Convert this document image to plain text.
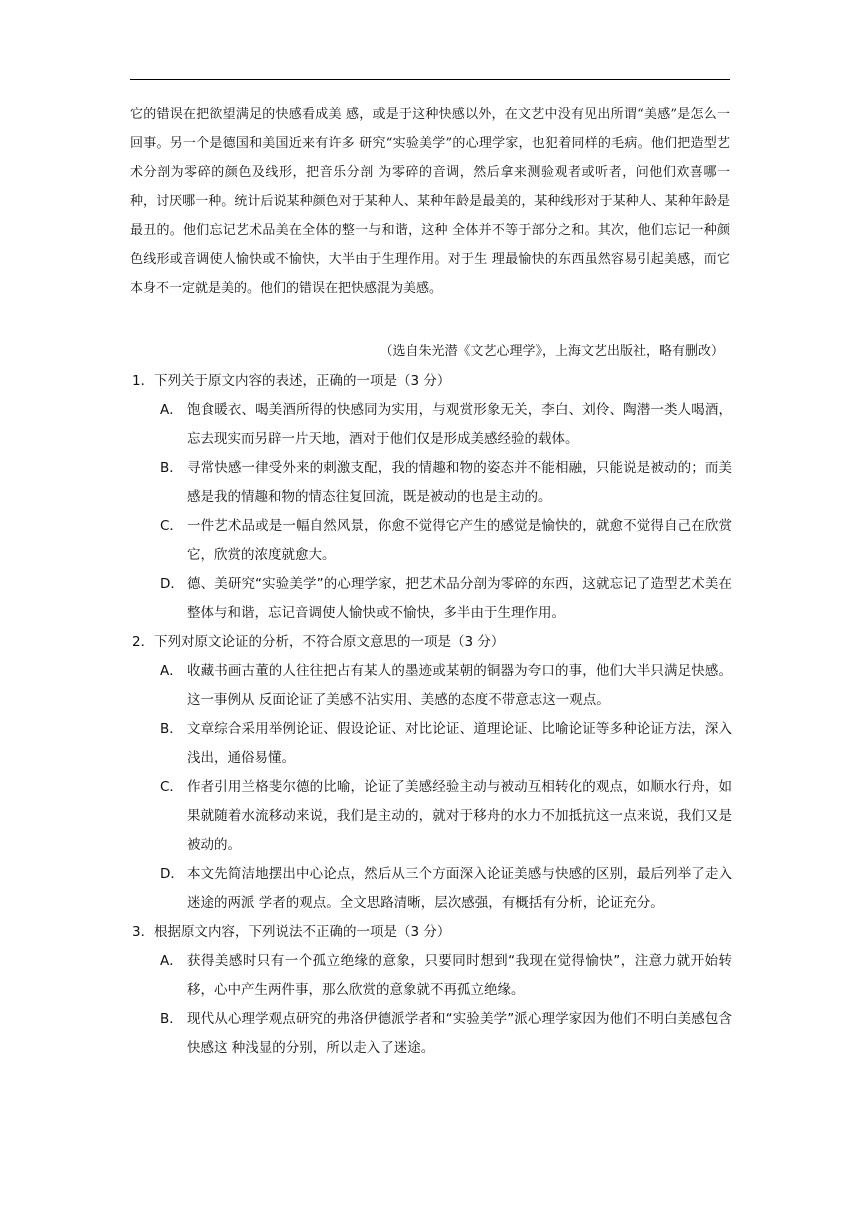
它的错误在把欲望满足的快感看成美 感，或是于这种快感以外，在文艺中没有见出所谓“美感”是怎么一回事。另一个是德国和美国近来有许多 研究“实验美学”的心理学家，也犯着同样的毛病。他们把造型艺术分剖为零碎的颜色及线形，把音乐分剖 为零碎的音调，然后拿来测验观者或听者，问他们欢喜哪一种，讨厌哪一种。统计后说某种颜色对于某种人、某种年龄是最美的，某种线形对于某种人、某种年龄是最丑的。他们忘记艺术品美在全体的整一与和谐，这种 全体并不等于部分之和。其次，他们忘记一种颜色线形或音调使人愉快或不愉快，大半由于生理作用。对于生 理最愉快的东西虽然容易引起美感，而它本身不一定就是美的。他们的错误在把快感混为美感。
（选自朱光潜《文艺心理学》，上海文艺出版社，略有删改）
1．下列关于原文内容的表述，正确的一项是（3 分）
A． 饱食暖衣、喝美酒所得的快感同为实用，与观赏形象无关，李白、刘伶、陶潜一类人喝酒，忘去现实而另辟一片天地，酒对于他们仅是形成美感经验的载体。
B． 寻常快感一律受外来的刺激支配，我的情趣和物的姿态并不能相融，只能说是被动的；而美感是我的情趣和物的情态往复回流，既是被动的也是主动的。
C． 一件艺术品或是一幅自然风景，你愈不觉得它产生的感觉是愉快的，就愈不觉得自己在欣赏它，欣赏的浓度就愈大。
D． 德、美研究“实验美学”的心理学家，把艺术品分剖为零碎的东西，这就忘记了造型艺术美在整体与和谐，忘记音调使人愉快或不愉快，多半由于生理作用。
2．下列对原文论证的分析，不符合原文意思的一项是（3 分）
A． 收藏书画古董的人往往把占有某人的墨迹或某朝的铜器为夸口的事，他们大半只满足快感。这一事例从 反面论证了美感不沾实用、美感的态度不带意志这一观点。
B． 文章综合采用举例论证、假设论证、对比论证、道理论证、比喻论证等多种论证方法，深入浅出，通俗易懂。
C． 作者引用兰格斐尔德的比喻，论证了美感经验主动与被动互相转化的观点，如顺水行舟，如果就随着水流移动来说，我们是主动的，就对于移舟的水力不加抵抗这一点来说，我们又是被动的。
D． 本文先简洁地摆出中心论点，然后从三个方面深入论证美感与快感的区别，最后列举了走入迷途的两派 学者的观点。全文思路清晰，层次感强，有概括有分析，论证充分。
3．根据原文内容，下列说法不正确的一项是（3 分）
A． 获得美感时只有一个孤立绝缘的意象，只要同时想到“我现在觉得愉快”，注意力就开始转移，心中产生两件事，那么欣赏的意象就不再孤立绝缘。
B． 现代从心理学观点研究的弗洛伊德派学者和“实验美学”派心理学家因为他们不明白美感包含快感这 种浅显的分别，所以走入了迷途。
